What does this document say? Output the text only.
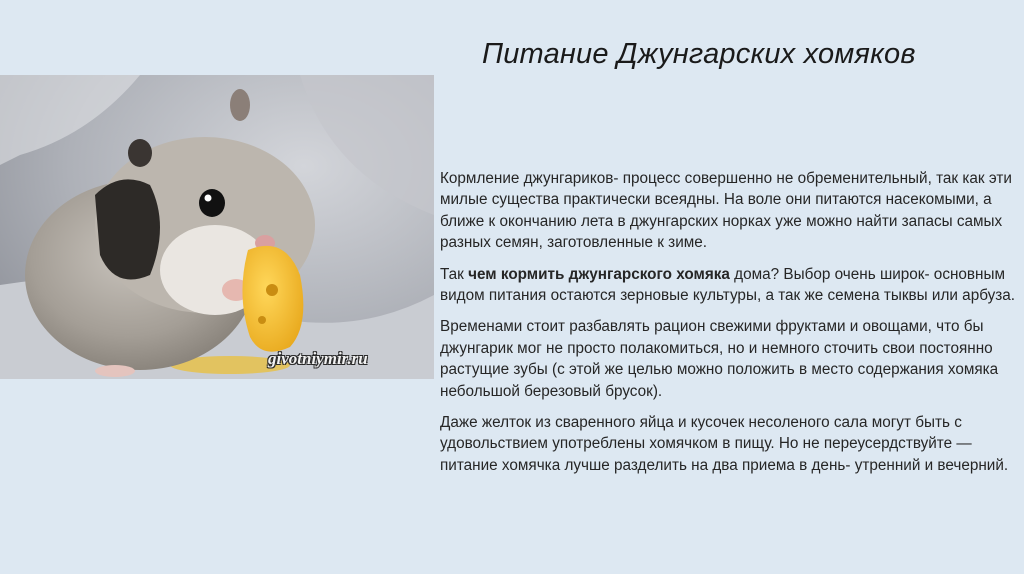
Питание Джунгарских хомяков
givotniymir.ru

Кормление джунгариков- процесс совершенно не обременительный, так как эти милые существа практически всеядны. На воле они питаются насекомыми, а ближе к окончанию лета в джунгарских норках уже можно найти запасы самых разных семян, заготовленные к зиме.

Так чем кормить джунгарского хомяка дома? Выбор очень широк- основным видом питания остаются зерновые культуры, а так же семена тыквы или арбуза.

Временами стоит разбавлять рацион свежими фруктами и овощами, что бы джунгарик мог не просто полакомиться, но и немного сточить свои постоянно растущие зубы (с этой же целью можно положить в место содержания хомяка небольшой березовый брусок).

Даже желток из сваренного яйца и кусочек несоленого сала могут быть с удовольствием употреблены хомячком в пищу. Но не переусердствуйте — питание хомячка лучше разделить на два приема в день- утренний и вечерний.
